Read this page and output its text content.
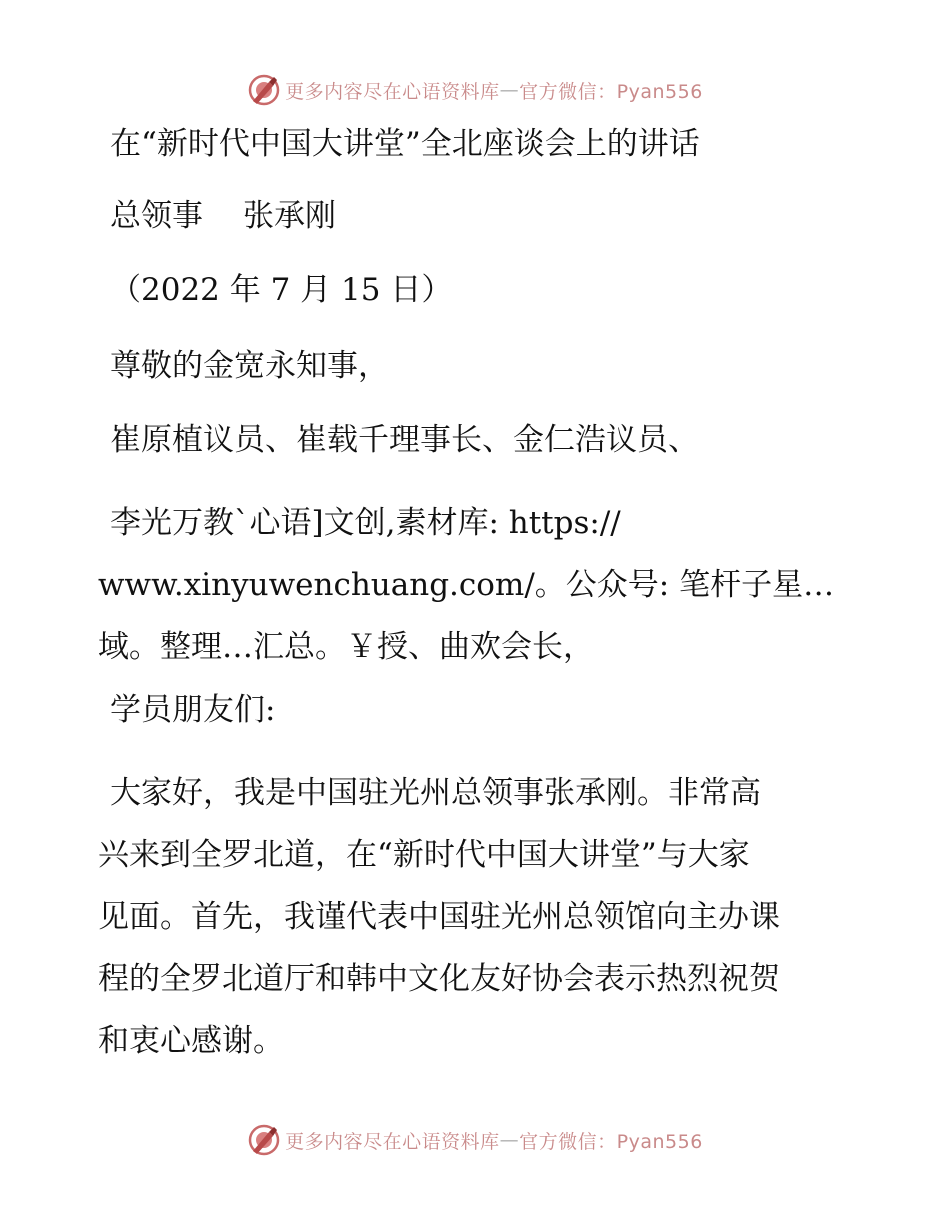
更多内容尽在心语资料库 — 官方微信：Pyan556
在“新时代中国大讲堂”全北座谈会上的讲话
总领事 张承刚
（2022 年 7 月 15 日）
尊敬的金宽永知事，
崔原植议员、崔载千理事长、金仁浩议员、
李光万教`心语]文创,素材库: https://
www.xinyuwenchuang.com/。公众号: 笔杆子星…
域。整理…汇总。￥授、曲欢会长，
学员朋友们:
大家好，我是中国驻光州总领事张承刚。非常高
兴来到全罗北道，在“新时代中国大讲堂”与大家
见面。首先，我谨代表中国驻光州总领馆向主办课
程的全罗北道厅和韩中文化友好协会表示热烈祝贺
和衷心感谢。
更多内容尽在心语资料库 — 官方微信：Pyan556
